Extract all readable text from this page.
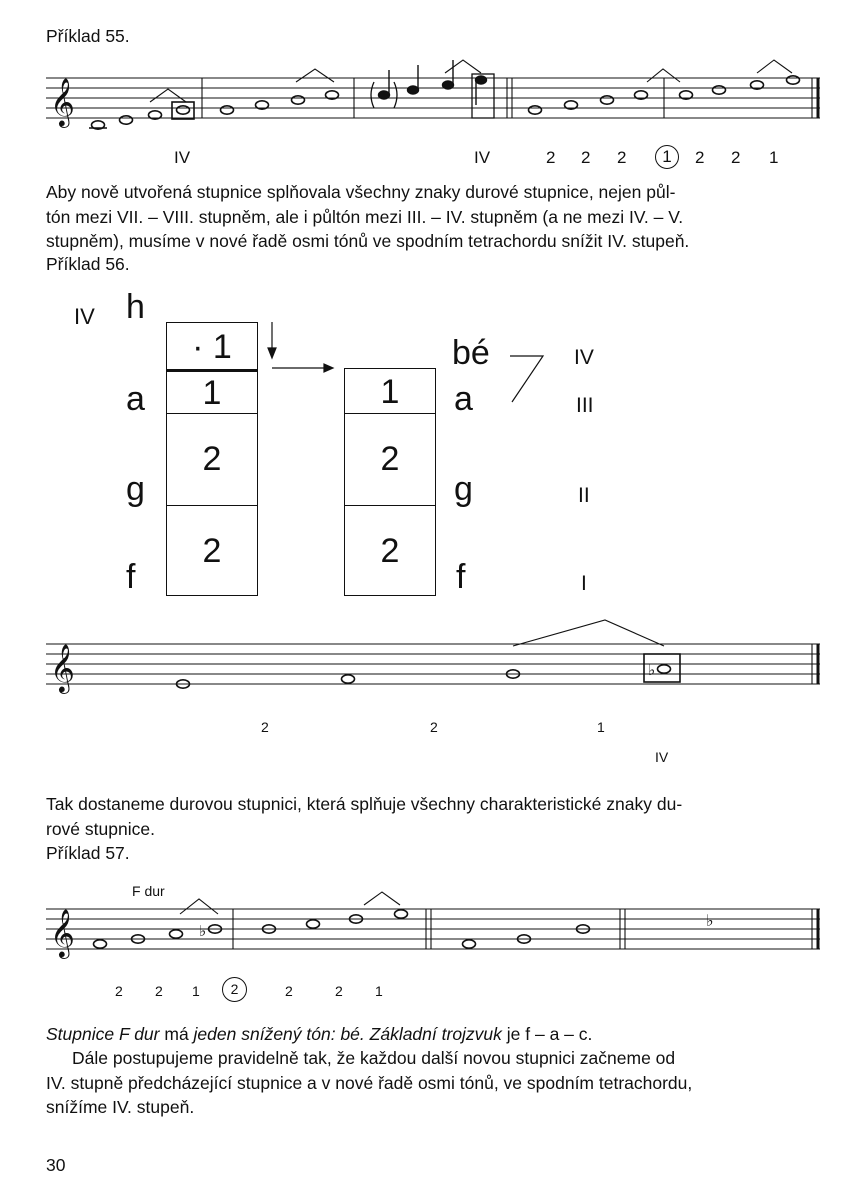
Příklad 55.
𝄞
IV	IV	2 2 2	1	2 2 1
Aby nově utvořená stupnice splňovala všechny znaky durové stupnice, nejen půl-
tón mezi VII. – VIII. stupněm, ale i půltón mezi III. – IV. stupněm (a ne mezi IV. – V.
stupněm), musíme v nové řadě osmi tónů ve spodním tetrachordu snížit IV. stupeň.
Příklad 56.
IV h
a
g
f
· 1
1
2
2
1
2
2
bé
a
g
f
IV
III
II
I
𝄞	♭
2	2	1
IV
Tak dostaneme durovou stupnici, která splňuje všechny charakteristické znaky du-
rové stupnice.
Příklad 57.
F dur
𝄞	♭
♭
2 2 1	2	2	2 1
Stupnice F dur má jeden snížený tón: bé. Základní trojzvuk je f – a – c.
Dále postupujeme pravidelně tak, že každou další novou stupnici začneme od
IV. stupně předcházející stupnice a v nové řadě osmi tónů, ve spodním tetrachordu,
snížíme IV. stupeň.
30
